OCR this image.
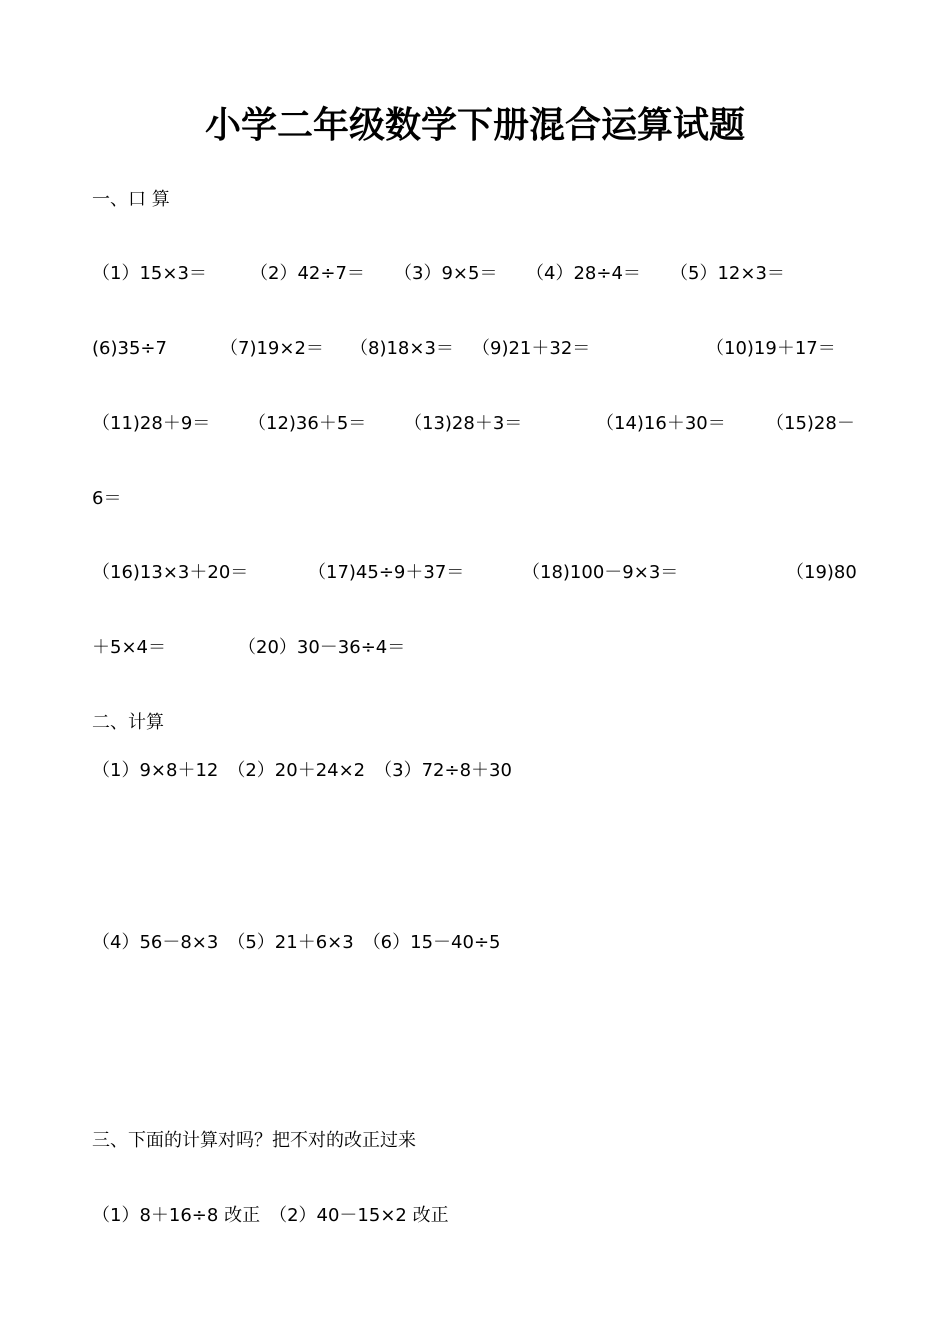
小学二年级数学下册混合运算试题
一、口 算
（1）15×3＝ （2）42÷7＝ （3）9×5＝ （4）28÷4＝ （5）12×3＝
(6)35÷7	（7)19×2＝ （8)18×3＝ （9)21＋32＝	（10)19＋17＝
（11)28＋9＝ （12)36＋5＝ （13)28＋3＝	（14)16＋30＝ （15)28－
6＝
（16)13×3＋20＝	（17)45÷9＋37＝	（18)100－9×3＝	（19)80
＋5×4＝	（20）30－36÷4＝
二、计算
（1）9×8＋12 （2）20＋24×2 （3）72÷8＋30
（4）56－8×3 （5）21＋6×3 （6）15－40÷5
三、下面的计算对吗？把不对的改正过来
（1）8＋16÷8 改正 （2）40－15×2 改正
